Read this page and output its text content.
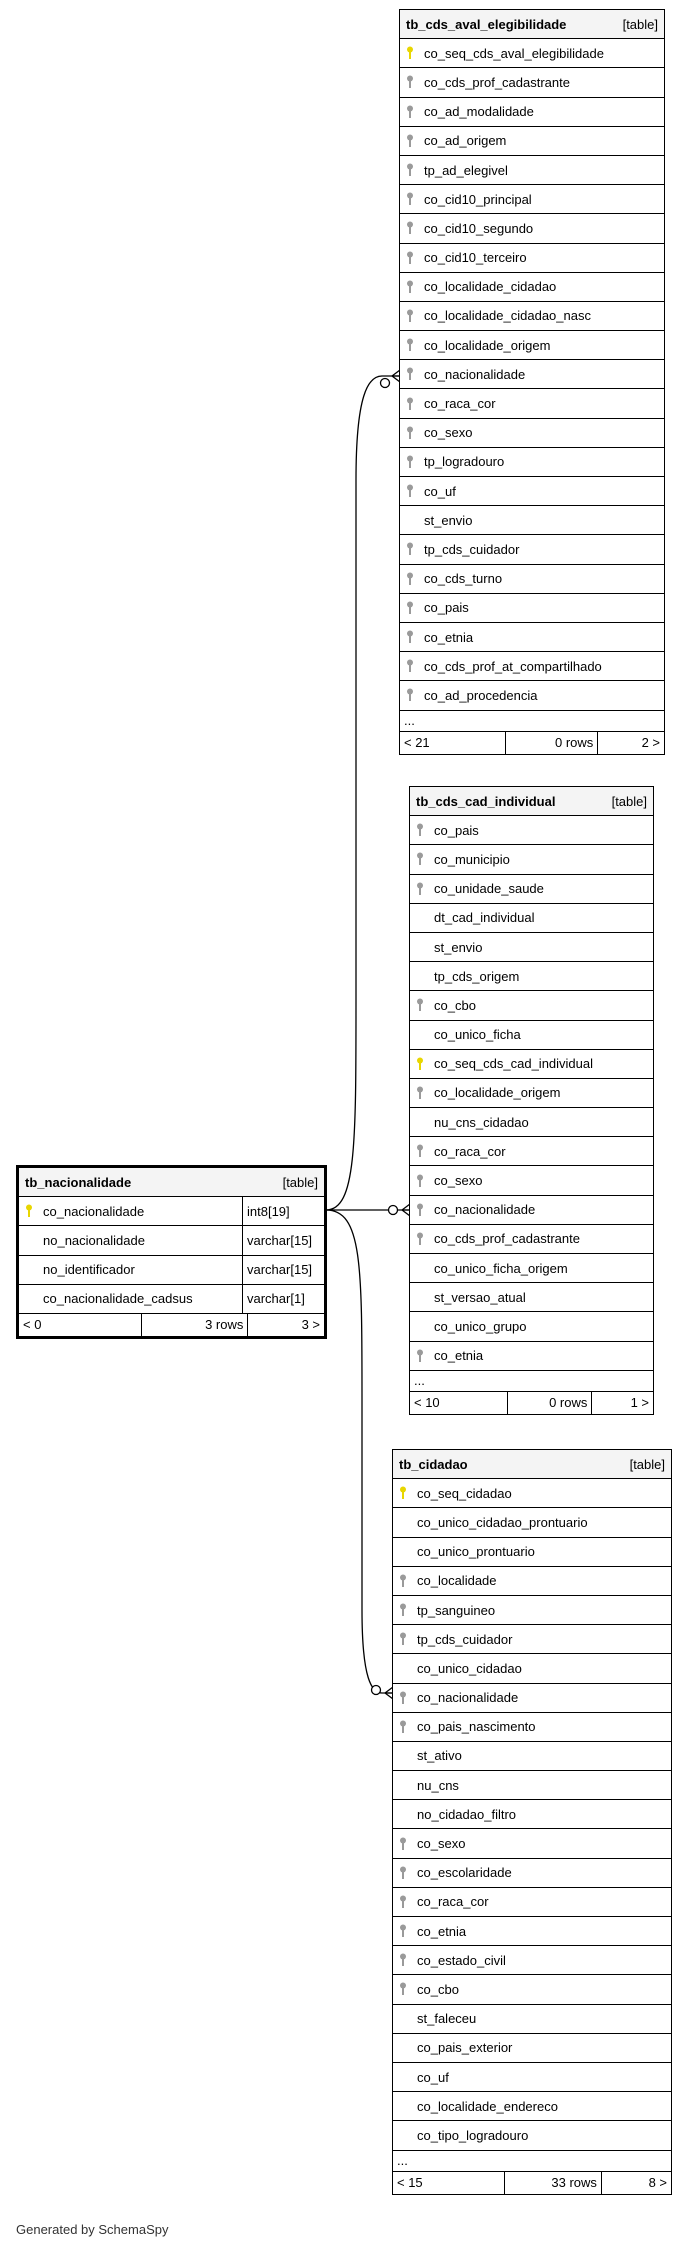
tb_cds_aval_elegibilidade	[table]
co_seq_cds_aval_elegibilidade
co_cds_prof_cadastrante
co_ad_modalidade
co_ad_origem
tp_ad_elegivel
co_cid10_principal
co_cid10_segundo
co_cid10_terceiro
co_localidade_cidadao
co_localidade_cidadao_nasc
co_localidade_origem
co_nacionalidade
co_raca_cor
co_sexo
tp_logradouro
co_uf
st_envio
tp_cds_cuidador
co_cds_turno
co_pais
co_etnia
co_cds_prof_at_compartilhado
co_ad_procedencia
...
< 21	0 rows	2 >
tb_cds_cad_individual	[table]
co_pais
co_municipio
co_unidade_saude
dt_cad_individual
st_envio
tp_cds_origem
co_cbo
co_unico_ficha
co_seq_cds_cad_individual
co_localidade_origem
nu_cns_cidadao
co_raca_cor
co_sexo
co_nacionalidade
co_cds_prof_cadastrante
co_unico_ficha_origem
st_versao_atual
co_unico_grupo
co_etnia
...
< 10	0 rows	1 >
tb_nacionalidade	[table]
co_nacionalidade	int8[19]
no_nacionalidade	varchar[15]
no_identificador	varchar[15]
co_nacionalidade_cadsus	varchar[1]
< 0	3 rows	3 >
tb_cidadao	[table]
co_seq_cidadao
co_unico_cidadao_prontuario
co_unico_prontuario
co_localidade
tp_sanguineo
tp_cds_cuidador
co_unico_cidadao
co_nacionalidade
co_pais_nascimento
st_ativo
nu_cns
no_cidadao_filtro
co_sexo
co_escolaridade
co_raca_cor
co_etnia
co_estado_civil
co_cbo
st_faleceu
co_pais_exterior
co_uf
co_localidade_endereco
co_tipo_logradouro
...
< 15	33 rows	8 >
Generated by SchemaSpy
